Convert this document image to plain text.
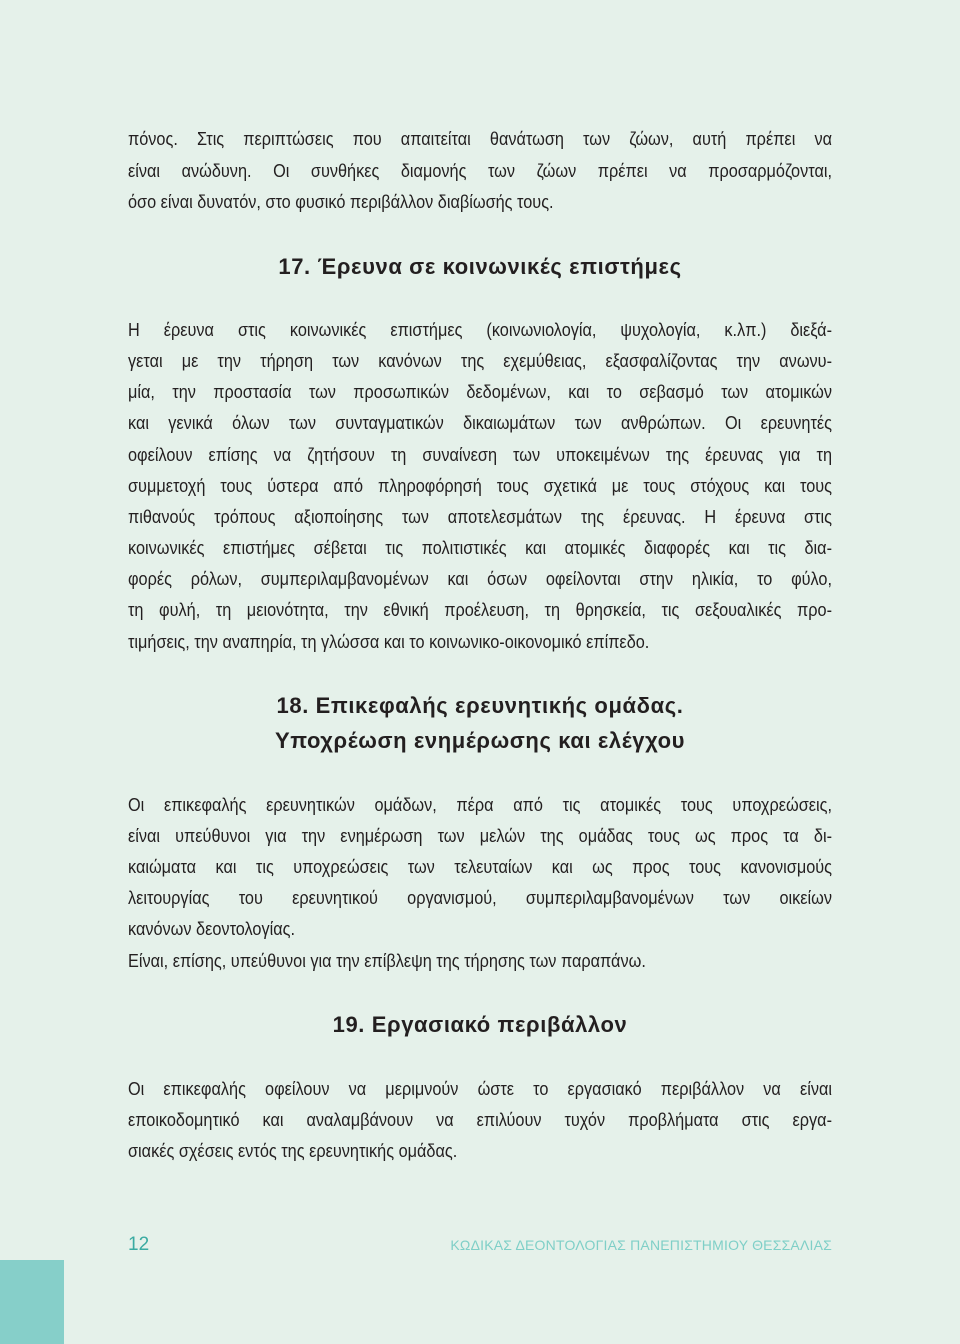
πόνος. Στις περιπτώσεις που απαιτείται θανάτωση των ζώων, αυτή πρέπει να
είναι ανώδυνη. Οι συνθήκες διαμονής των ζώων πρέπει να προσαρμόζονται,
όσο είναι δυνατόν, στο φυσικό περιβάλλον διαβίωσής τους.
17. Έρευνα σε κοινωνικές επιστήμες
Η έρευνα στις κοινωνικές επιστήμες (κοινωνιολογία, ψυχολογία, κ.λπ.) διεξά-
γεται με την τήρηση των κανόνων της εχεμύθειας, εξασφαλίζοντας την ανωνυ-
μία, την προστασία των προσωπικών δεδομένων, και το σεβασμό των ατομικών
και γενικά όλων των συνταγματικών δικαιωμάτων των ανθρώπων. Οι ερευνητές
οφείλουν επίσης να ζητήσουν τη συναίνεση των υποκειμένων της έρευνας για τη
συμμετοχή τους ύστερα από πληροφόρησή τους σχετικά με τους στόχους και τους
πιθανούς τρόπους αξιοποίησης των αποτελεσμάτων της έρευνας. Η έρευνα στις
κοινωνικές επιστήμες σέβεται τις πολιτιστικές και ατομικές διαφορές και τις δια-
φορές ρόλων, συμπεριλαμβανομένων και όσων οφείλονται στην ηλικία, το φύλο,
τη φυλή, τη μειονότητα, την εθνική προέλευση, τη θρησκεία, τις σεξουαλικές προ-
τιμήσεις, την αναπηρία, τη γλώσσα και το κοινωνικο-οικονομικό επίπεδο.
18. Επικεφαλής ερευνητικής ομάδας.
Υποχρέωση ενημέρωσης και ελέγχου
Οι επικεφαλής ερευνητικών ομάδων, πέρα από τις ατομικές τους υποχρεώσεις,
είναι υπεύθυνοι για την ενημέρωση των μελών της ομάδας τους ως προς τα δι-
καιώματα και τις υποχρεώσεις των τελευταίων και ως προς τους κανονισμούς
λειτουργίας του ερευνητικού οργανισμού, συμπεριλαμβανομένων των οικείων
κανόνων δεοντολογίας.
Είναι, επίσης, υπεύθυνοι για την επίβλεψη της τήρησης των παραπάνω.
19. Εργασιακό περιβάλλον
Οι επικεφαλής οφείλουν να μεριμνούν ώστε το εργασιακό περιβάλλον να είναι
εποικοδομητικό και αναλαμβάνουν να επιλύουν τυχόν προβλήματα στις εργα-
σιακές σχέσεις εντός της ερευνητικής ομάδας.
12	ΚΩΔΙΚΑΣ ΔΕΟΝΤΟΛΟΓΙΑΣ ΠΑΝΕΠΙΣΤΗΜΙΟΥ ΘΕΣΣΑΛΙΑΣ
